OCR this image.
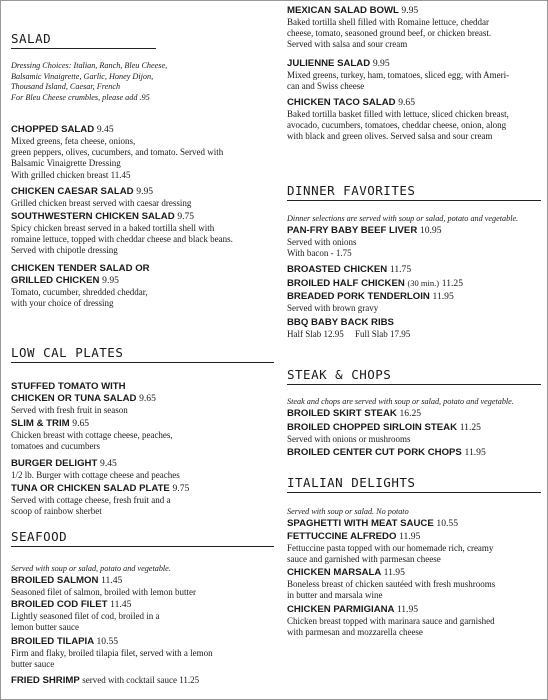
SALAD
Dressing Choices: Italian, Ranch, Bleu Cheese,
Balsamic Vinaigrette, Garlic, Honey Dijon,
Thousand Island, Caesar, French
For Bleu Cheese crumbles, please add .95
CHOPPED SALAD 9.45
Mixed greens, feta cheese, onions,
green peppers, olives, cucumbers, and tomato. Served with
Balsamic Vinaigrette Dressing
With grilled chicken breast 11.45
CHICKEN CAESAR SALAD 9.95
Grilled chicken breast served with caesar dressing
SOUTHWESTERN CHICKEN SALAD 9.75
Spicy chicken breast served in a baked tortilla shell with
romaine lettuce, topped with cheddar cheese and black beans.
Served with chipotle dressing
CHICKEN TENDER SALAD OR
GRILLED CHICKEN 9.95
Tomato, cucumber, shredded cheddar,
with your choice of dressing
LOW CAL PLATES
STUFFED TOMATO WITH
CHICKEN OR TUNA SALAD 9.65
Served with fresh fruit in season
SLIM & TRIM 9.65
Chicken breast with cottage cheese, peaches,
tomatoes and cucumbers
BURGER DELIGHT 9.45
1/2 lb. Burger with cottage cheese and peaches
TUNA OR CHICKEN SALAD PLATE 9.75
Served with cottage cheese, fresh fruit and a
scoop of rainbow sherbet
SEAFOOD
Served with soup or salad, potato and vegetable.
BROILED SALMON 11.45
Seasoned filet of salmon, broiled with lemon butter
BROILED COD FILET 11.45
Lightly seasoned filet of cod, broiled in a
lemon butter sauce
BROILED TILAPIA 10.55
Firm and flaky, broiled tilapia filet, served with a lemon
butter sauce
FRIED SHRIMP served with cocktail sauce 11.25
MEXICAN SALAD BOWL 9.95
Baked tortilla shell filled with Romaine lettuce, cheddar
cheese, tomato, seasoned ground beef, or chicken breast.
Served with salsa and sour cream
JULIENNE SALAD 9.95
Mixed greens, turkey, ham, tomatoes, sliced egg, with Ameri-
can and Swiss cheese
CHICKEN TACO SALAD 9.65
Baked tortilla basket filled with lettuce, sliced chicken breast,
avocado, cucumbers, tomatoes, cheddar cheese, onion, along
with black and green olives. Served salsa and sour cream
DINNER FAVORITES
Dinner selections are served with soup or salad, potato and vegetable.
PAN-FRY BABY BEEF LIVER 10.95
Served with onions
With bacon - 1.75
BROASTED CHICKEN 11.75
BROILED HALF CHICKEN (30 min.) 11.25
BREADED PORK TENDERLOIN 11.95
Served with brown gravy
BBQ BABY BACK RIBS
Half Slab 12.95     Full Slab 17.95
STEAK & CHOPS
Steak and chops are served with soup or salad, potato and vegetable.
BROILED SKIRT STEAK 16.25
BROILED CHOPPED SIRLOIN STEAK 11.25
Served with onions or mushrooms
BROILED CENTER CUT PORK CHOPS 11.95
ITALIAN DELIGHTS
Served with soup or salad. No potato
SPAGHETTI WITH MEAT SAUCE 10.55
FETTUCCINE ALFREDO 11.95
Fettuccine pasta topped with our homemade rich, creamy
sauce and garnished with parmesan cheese
CHICKEN MARSALA 11.95
Boneless breast of chicken sautéed with fresh mushrooms
in butter and marsala wine
CHICKEN PARMIGIANA 11.95
Chicken breast topped with marinara sauce and garnished
with parmesan and mozzarella cheese
